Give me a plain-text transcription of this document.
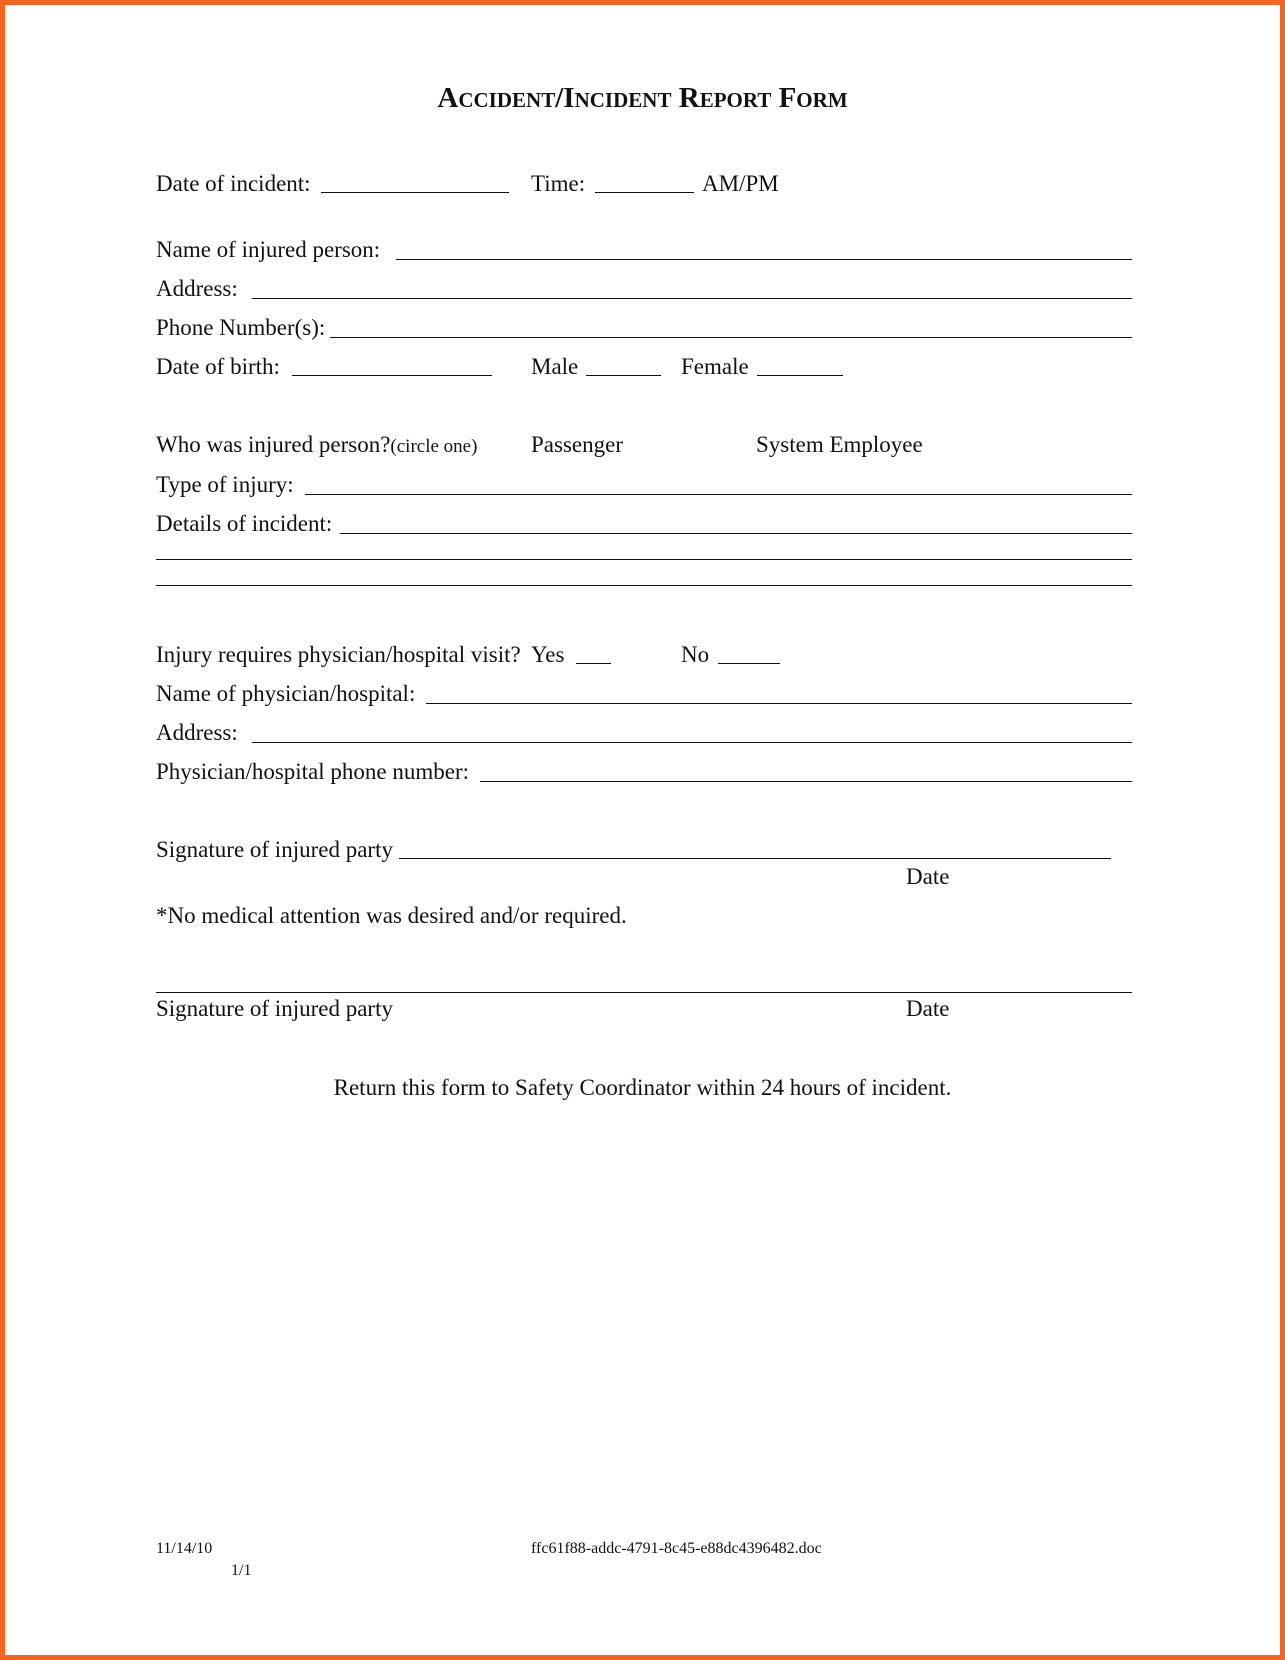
ACCIDENT/INCIDENT REPORT FORM
Date of incident:	Time:	AM/PM
Name of injured person:
Address:
Phone Number(s):
Date of birth:	Male	Female
Who was injured person?(circle one) Passenger	System Employee
Type of injury:
Details of incident:
Injury requires physician/hospital visit? Yes	No
Name of physician/hospital:
Address:
Physician/hospital phone number:
Signature of injured party
Date
*No medical attention was desired and/or required.
Signature of injured party	Date
Return this form to Safety Coordinator within 24 hours of incident.
11/14/10
1/1
ffc61f88-addc-4791-8c45-e88dc4396482.doc
